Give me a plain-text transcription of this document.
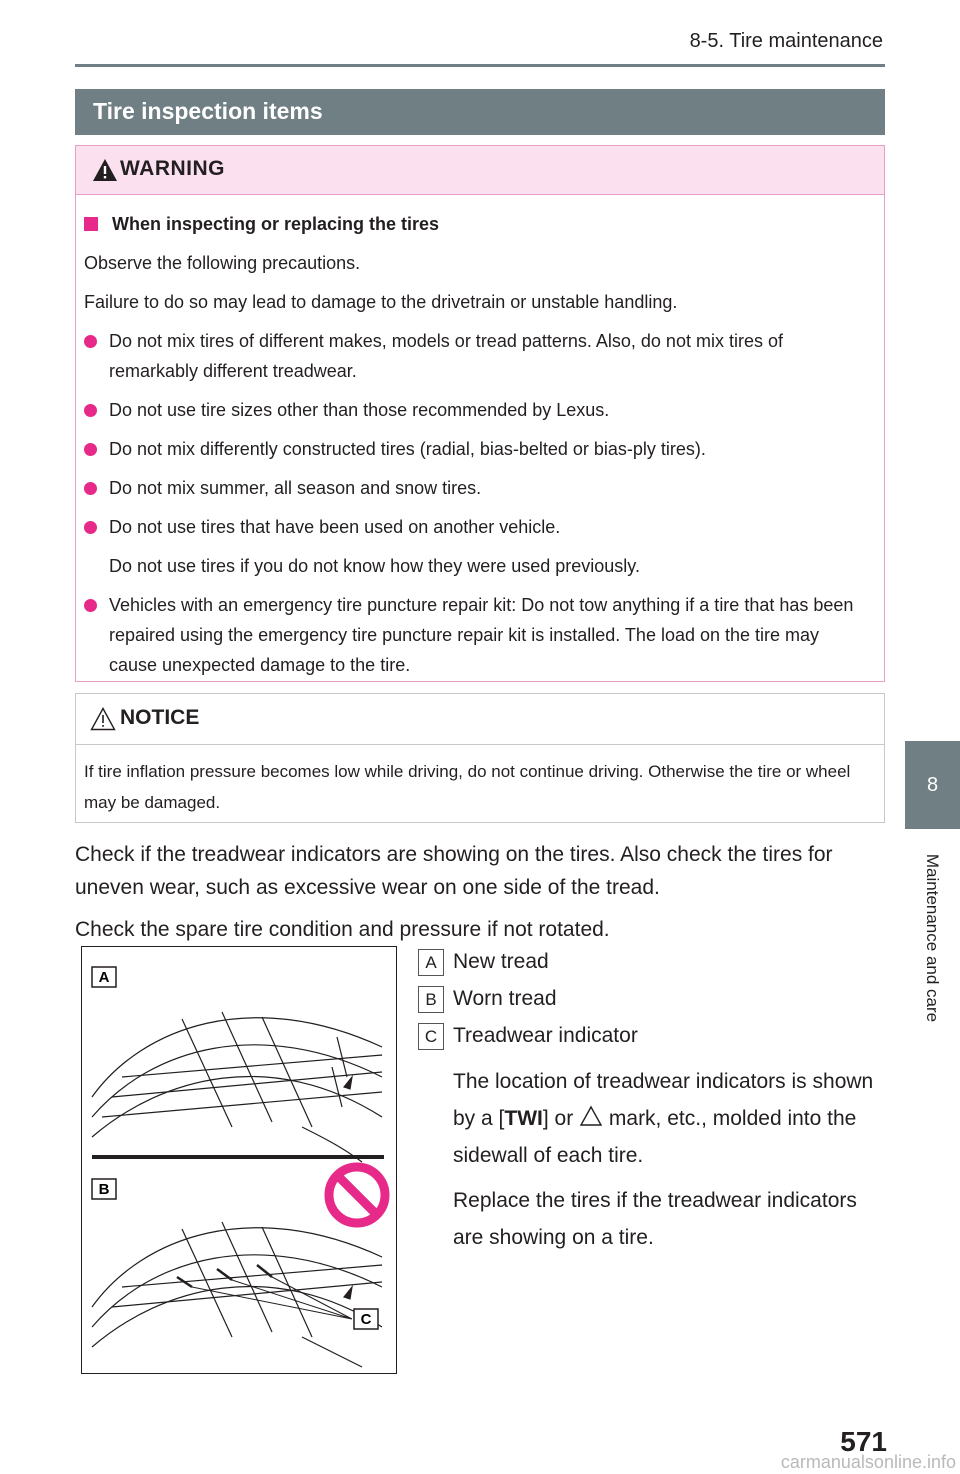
8-5. Tire maintenance
Tire inspection items
WARNING
When inspecting or replacing the tires
Observe the following precautions.
Failure to do so may lead to damage to the drivetrain or unstable handling.
Do not mix tires of different makes, models or tread patterns. Also, do not mix tires of remarkably different treadwear.
Do not use tire sizes other than those recommended by Lexus.
Do not mix differently constructed tires (radial, bias-belted or bias-ply tires).
Do not mix summer, all season and snow tires.
Do not use tires that have been used on another vehicle.
Do not use tires if you do not know how they were used previously.
Vehicles with an emergency tire puncture repair kit: Do not tow anything if a tire that has been repaired using the emergency tire puncture repair kit is installed. The load on the tire may cause unexpected damage to the tire.
NOTICE
If tire inflation pressure becomes low while driving, do not continue driving. Otherwise the tire or wheel may be damaged.

Check if the treadwear indicators are showing on the tires. Also check the tires for uneven wear, such as excessive wear on one side of the tread.

Check the spare tire condition and pressure if not rotated.

A
B
C
A New tread
B Worn tread
C Treadwear indicator
The location of treadwear indicators is shown by a [TWI] or mark, etc., molded into the sidewall of each tire.
Replace the tires if the treadwear indicators are showing on a tire.
8
Maintenance and care
571
carmanualsonline.info
